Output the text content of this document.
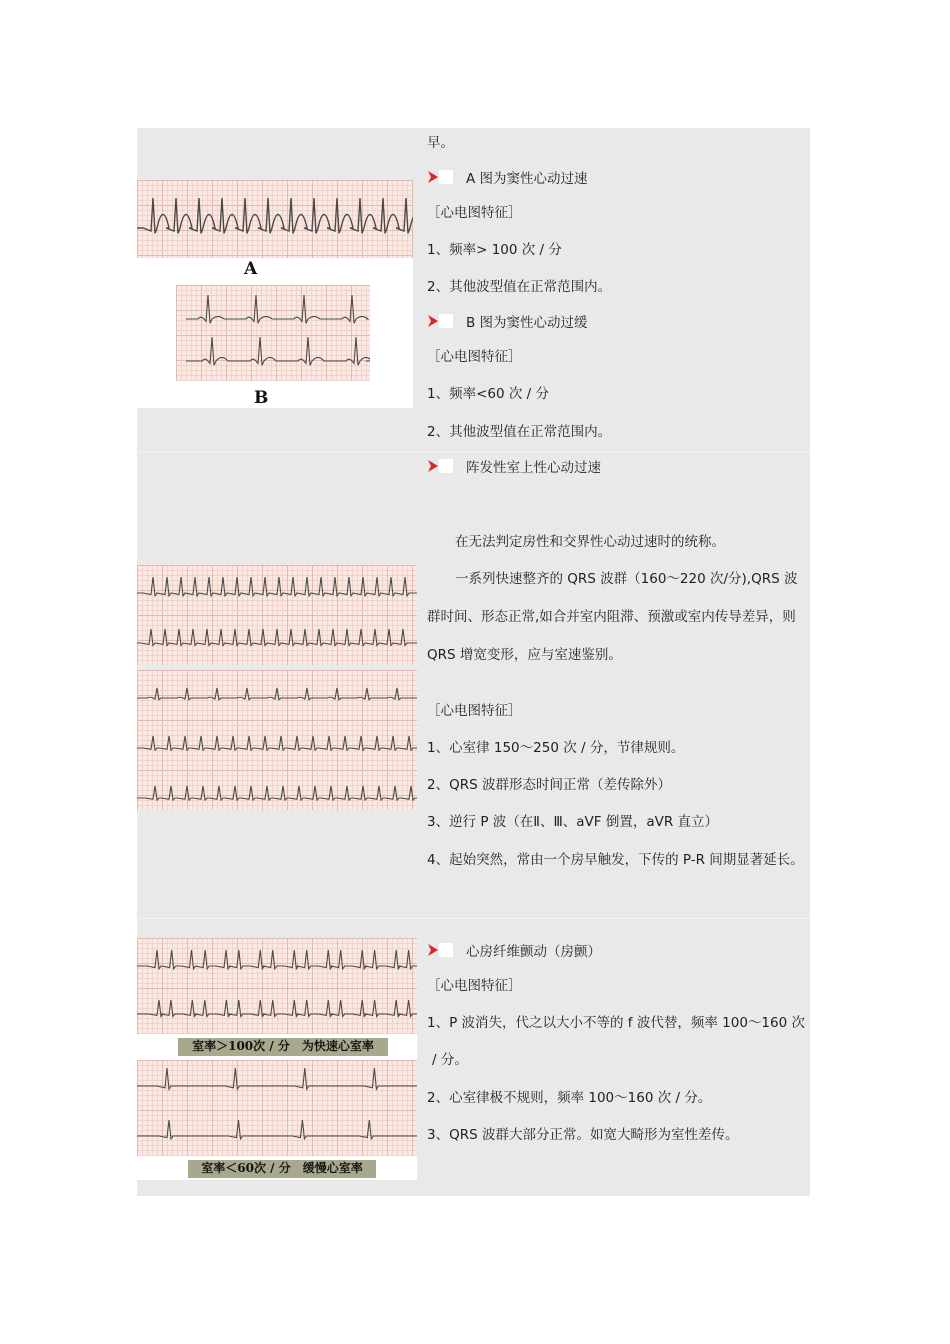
A
B
室率＞100次 / 分　为快速心室率
室率＜60次 / 分　缓慢心室率
早。
A 图为窦性心动过速
［心电图特征］
1、频率> 100 次 / 分
2、其他波型值在正常范围内。
B 图为窦性心动过缓
［心电图特征］
1、频率<60 次 / 分
2、其他波型值在正常范围内。
阵发性室上性心动过速
在无法判定房性和交界性心动过速时的统称。
一系列快速整齐的 QRS 波群（160～220 次/分),QRS 波
群时间、形态正常,如合并室内阻滞、预激或室内传导差异，则
QRS 增宽变形，应与室速鉴别。
［心电图特征］
1、心室律 150～250 次 / 分，节律规则。
2、QRS 波群形态时间正常（差传除外）
3、逆行 P 波（在Ⅱ、Ⅲ、aVF 倒置，aVR 直立）
4、起始突然，常由一个房早触发，下传的 P-R 间期显著延长。
心房纤维颤动（房颤）
［心电图特征］
1、P 波消失，代之以大小不等的 f 波代替，频率 100～160 次
/ 分。
2、心室律极不规则，频率 100～160 次 / 分。
3、QRS 波群大部分正常。如宽大畸形为室性差传。
